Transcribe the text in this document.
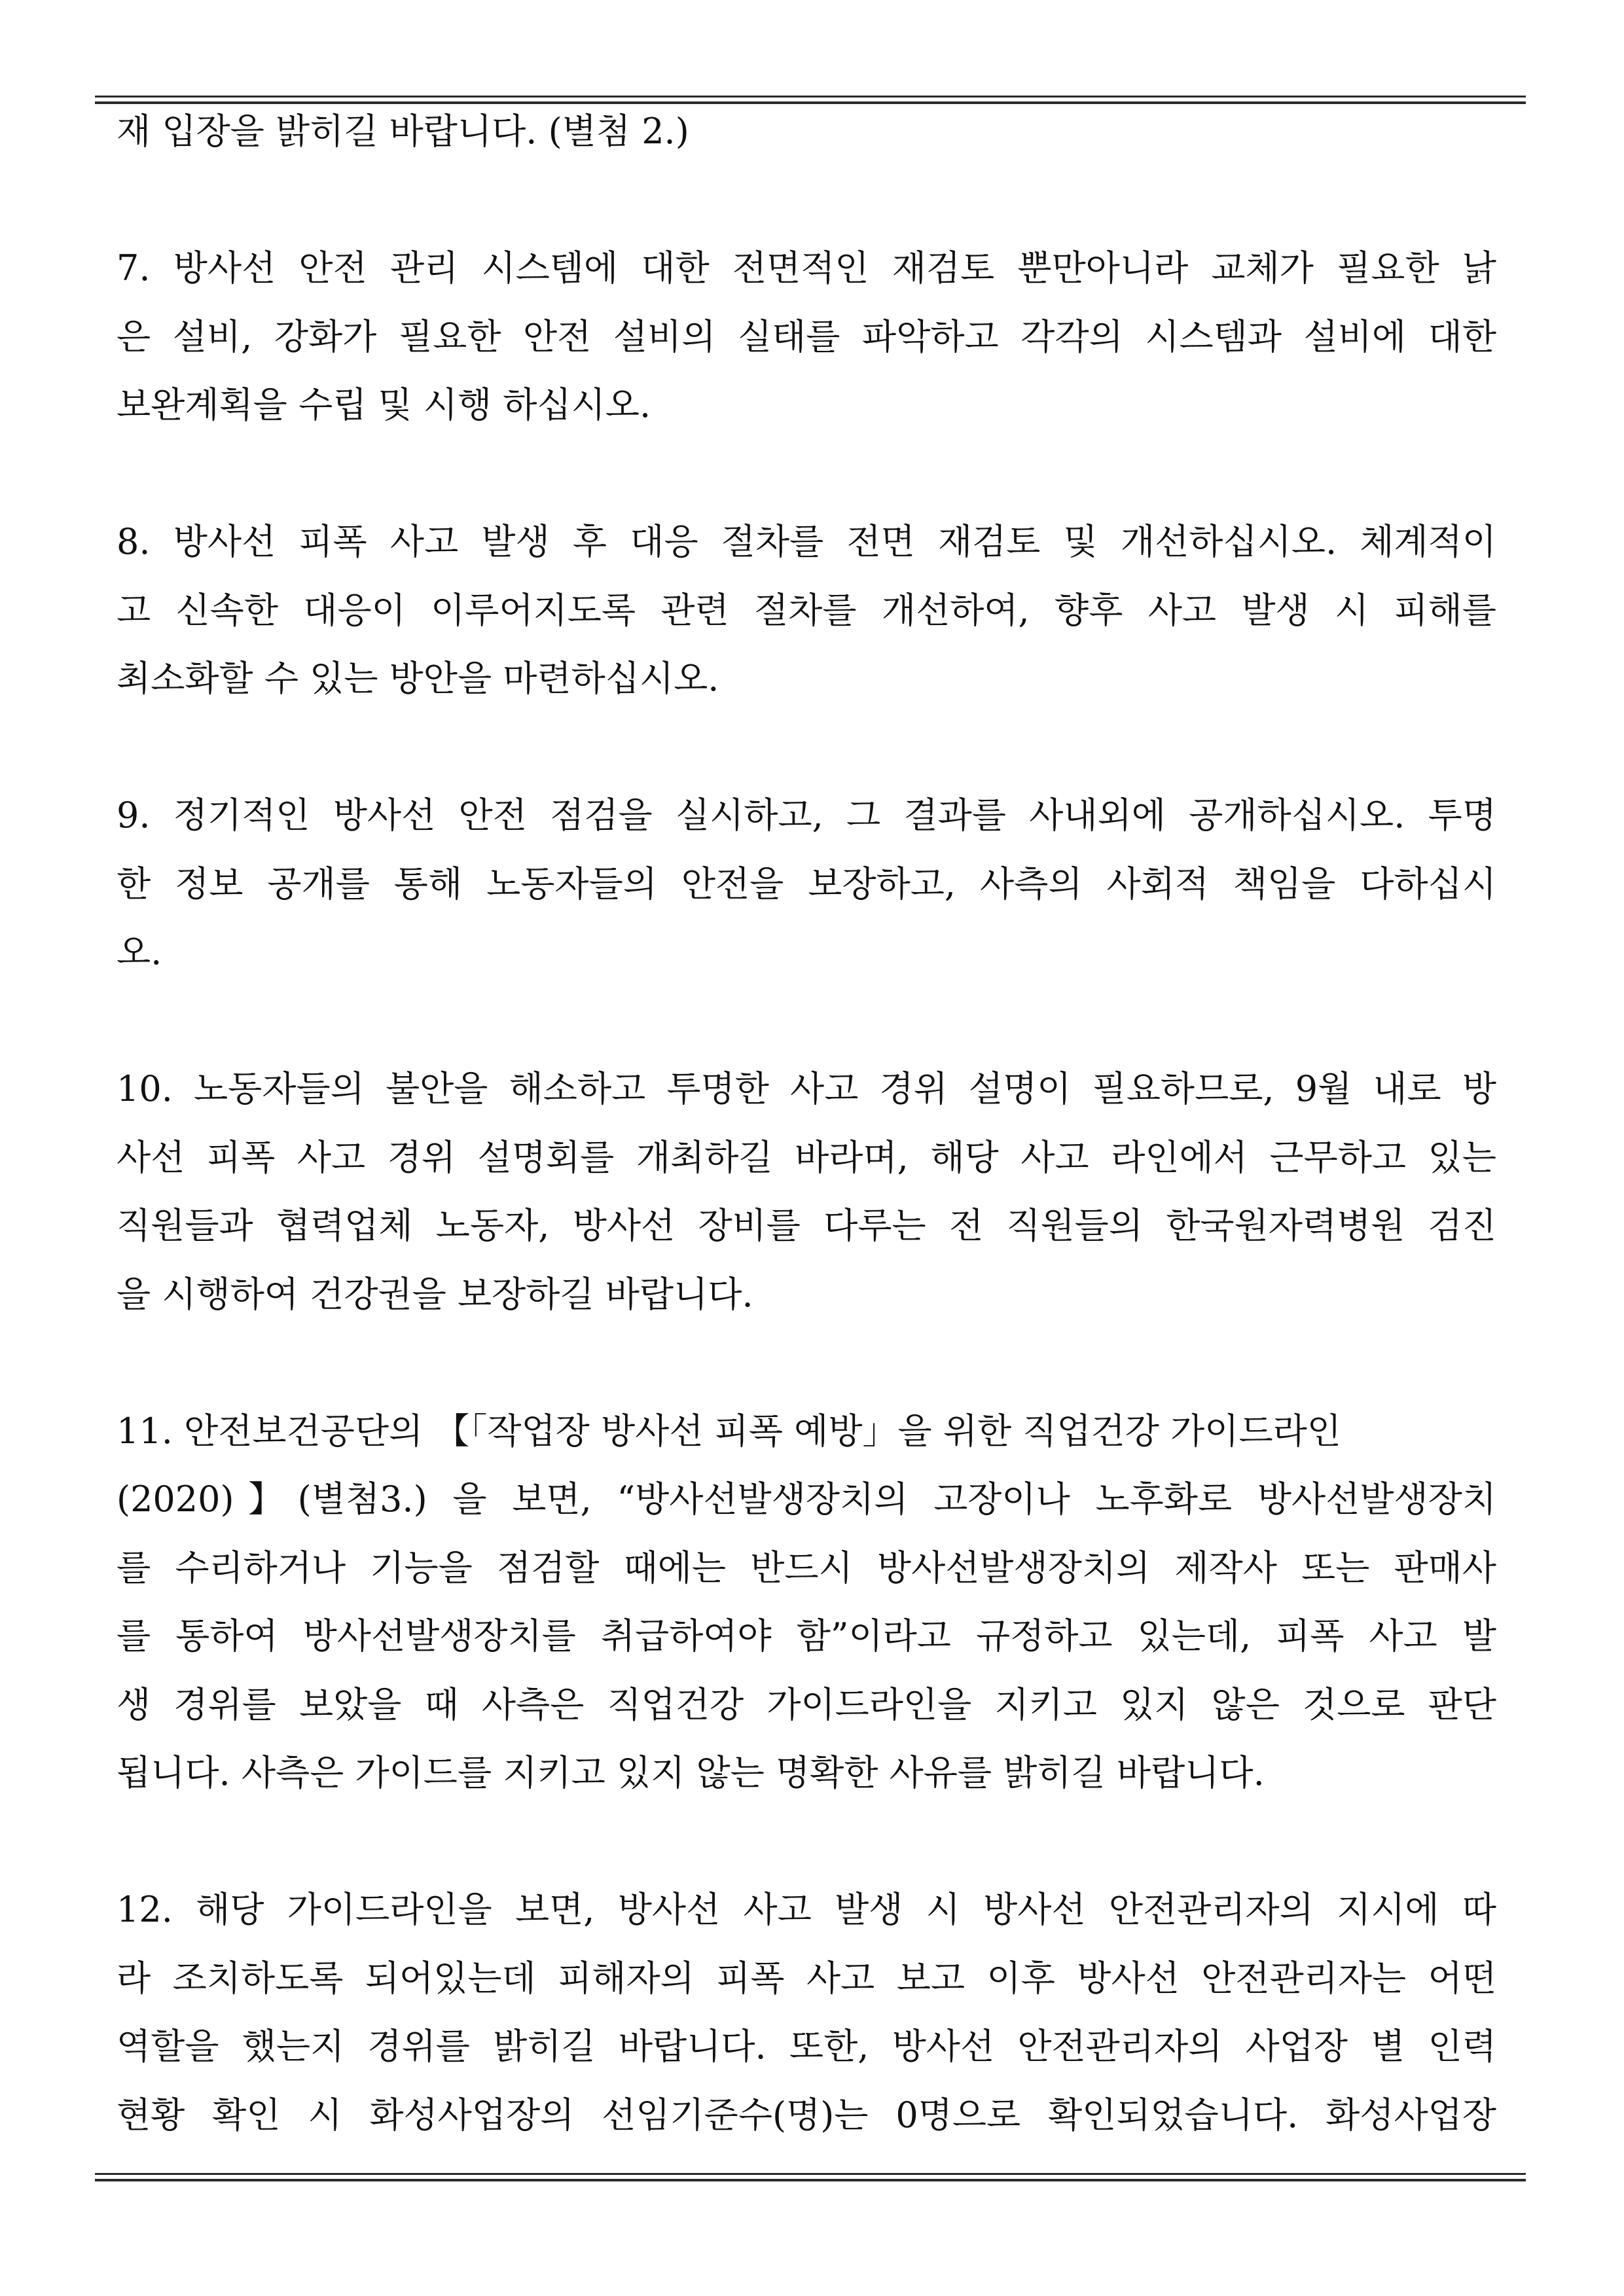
재 입장을 밝히길 바랍니다. (별첨 2.)
7. 방사선 안전 관리 시스템에 대한 전면적인 재검토 뿐만아니라 교체가 필요한 낡
은 설비, 강화가 필요한 안전 설비의 실태를 파악하고 각각의 시스템과 설비에 대한
보완계획을 수립 및 시행 하십시오.
8. 방사선 피폭 사고 발생 후 대응 절차를 전면 재검토 및 개선하십시오. 체계적이
고 신속한 대응이 이루어지도록 관련 절차를 개선하여, 향후 사고 발생 시 피해를
최소화할 수 있는 방안을 마련하십시오.
9. 정기적인 방사선 안전 점검을 실시하고, 그 결과를 사내외에 공개하십시오. 투명
한 정보 공개를 통해 노동자들의 안전을 보장하고, 사측의 사회적 책임을 다하십시
오.
10. 노동자들의 불안을 해소하고 투명한 사고 경위 설명이 필요하므로, 9월 내로 방
사선 피폭 사고 경위 설명회를 개최하길 바라며, 해당 사고 라인에서 근무하고 있는
직원들과 협력업체 노동자, 방사선 장비를 다루는 전 직원들의 한국원자력병원 검진
을 시행하여 건강권을 보장하길 바랍니다.
11. 안전보건공단의 【「작업장 방사선 피폭 예방」을 위한 직업건강 가이드라인
(2020)】(별첨3.) 을 보면, “방사선발생장치의 고장이나 노후화로 방사선발생장치
를 수리하거나 기능을 점검할 때에는 반드시 방사선발생장치의 제작사 또는 판매사
를 통하여 방사선발생장치를 취급하여야 함”이라고 규정하고 있는데, 피폭 사고 발
생 경위를 보았을 때 사측은 직업건강 가이드라인을 지키고 있지 않은 것으로 판단
됩니다. 사측은 가이드를 지키고 있지 않는 명확한 사유를 밝히길 바랍니다.
12. 해당 가이드라인을 보면, 방사선 사고 발생 시 방사선 안전관리자의 지시에 따
라 조치하도록 되어있는데 피해자의 피폭 사고 보고 이후 방사선 안전관리자는 어떤
역할을 했는지 경위를 밝히길 바랍니다. 또한, 방사선 안전관리자의 사업장 별 인력
현황 확인 시 화성사업장의 선임기준수(명)는 0명으로 확인되었습니다. 화성사업장
